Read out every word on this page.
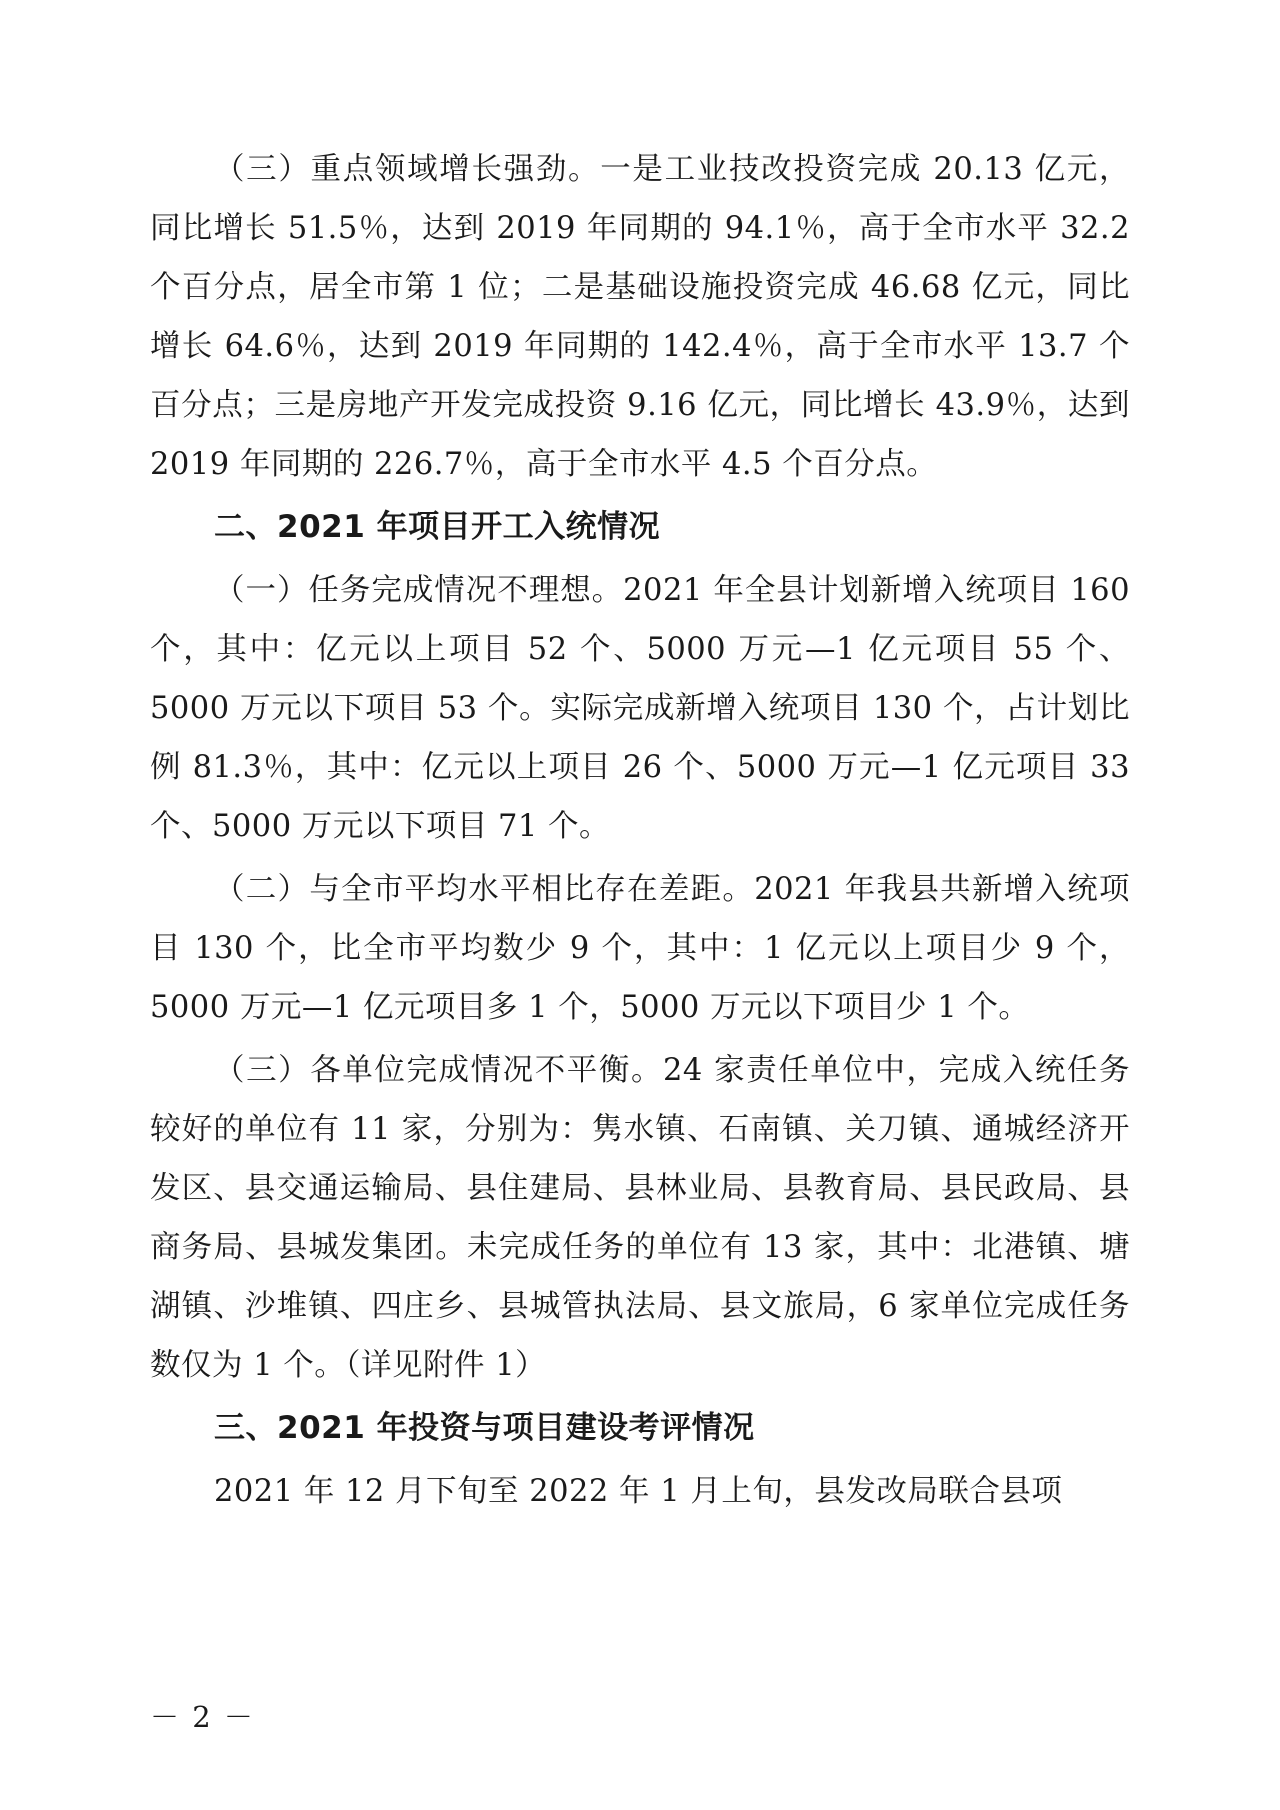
（三）重点领域增长强劲。一是工业技改投资完成 20.13 亿元，同比增长 51.5％，达到 2019 年同期的 94.1％，高于全市水平 32.2 个百分点，居全市第 1 位；二是基础设施投资完成 46.68 亿元，同比增长 64.6％，达到 2019 年同期的 142.4％，高于全市水平 13.7 个百分点；三是房地产开发完成投资 9.16 亿元，同比增长 43.9％，达到 2019 年同期的 226.7％，高于全市水平 4.5 个百分点。

二、2021 年项目开工入统情况

（一）任务完成情况不理想。2021 年全县计划新增入统项目 160 个，其中：亿元以上项目 52 个、5000 万元—1 亿元项目 55 个、5000 万元以下项目 53 个。实际完成新增入统项目 130 个，占计划比例 81.3％，其中：亿元以上项目 26 个、5000 万元—1 亿元项目 33 个、5000 万元以下项目 71 个。

（二）与全市平均水平相比存在差距。2021 年我县共新增入统项目 130 个，比全市平均数少 9 个，其中：1 亿元以上项目少 9 个，5000 万元—1 亿元项目多 1 个，5000 万元以下项目少 1 个。

（三）各单位完成情况不平衡。24 家责任单位中，完成入统任务较好的单位有 11 家，分别为：隽水镇、石南镇、关刀镇、通城经济开发区、县交通运输局、县住建局、县林业局、县教育局、县民政局、县商务局、县城发集团。未完成任务的单位有 13 家，其中：北港镇、塘湖镇、沙堆镇、四庄乡、县城管执法局、县文旅局，6 家单位完成任务数仅为 1 个。（详见附件 1）

三、2021 年投资与项目建设考评情况

2021 年 12 月下旬至 2022 年 1 月上旬，县发改局联合县项

－ 2 －
